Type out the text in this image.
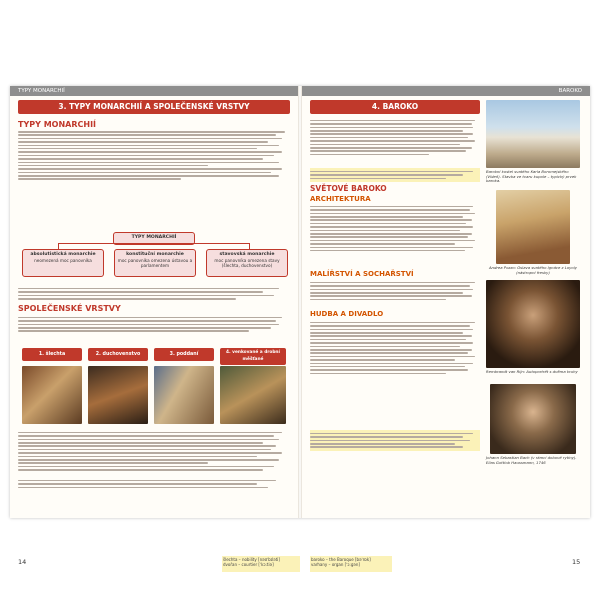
TYPY MONARCHIÍ	BAROKO
3. TYPY MONARCHIÍ A SPOLEČENSKÉ VRSTVY
TYPY MONARCHIÍ
TYPY MONARCHIÍ
absolutistická monarchie
neomezená moc panovníka
konstituční monarchie
moc panovníka omezena ústavou a parlamentem
stavovská monarchie
moc panovníka omezena stavy (šlechta, duchovenstvo)
SPOLEČENSKÉ VRSTVY
1. šlechta	2. duchovenstvo	3. poddaní	4. venkované a drobní měšťané
4. BAROKO
SVĚTOVÉ BAROKO
ARCHITEKTURA
MALÍŘSTVÍ A SOCHAŘSTVÍ
HUDBA A DIVADLO
Barokní kostel svatého Karla Boromejského (Vídeň). Stavba ve tvaru kupole – typický prvek baroka.
Andrea Pozzo: Oslava svatého Ignáce z Loyoly (nástropní fresky)
Rembrandt van Rijn: Autoportrét s dvěma kruhy
Johann Sebastian Bach (v rámci dobové rytiny). Elias Gottlob Haussmann, 1746
14	šlechta – nobility [nəʊˈbɪləti]
dvořan – courtier [ˈkɔːtiə]
baroko – the Baroque [bəˈrɒk]
varhany – organ [ˈɔːɡən]	15
